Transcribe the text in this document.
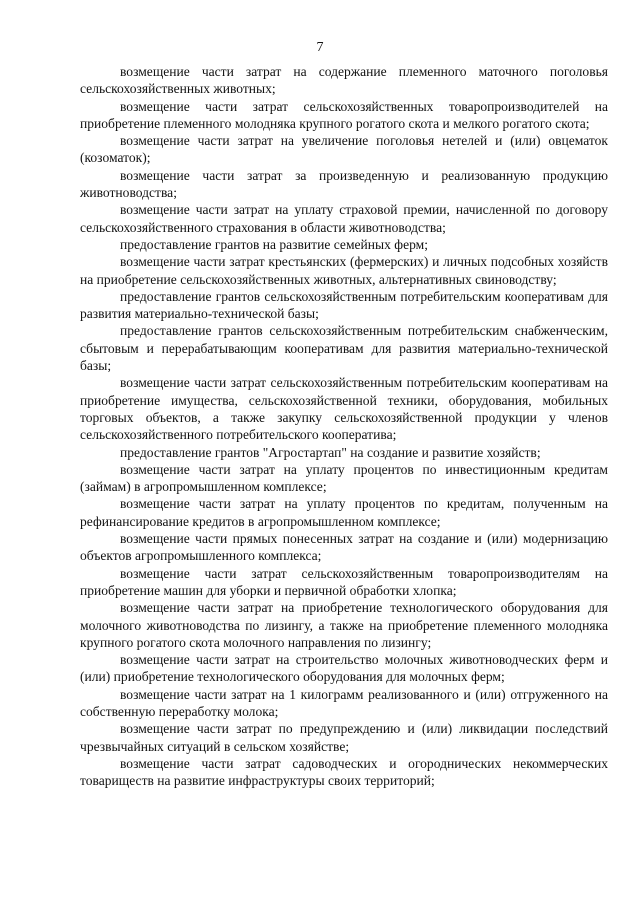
7

возмещение части затрат на содержание племенного маточного поголовья сельскохозяйственных животных;

возмещение части затрат сельскохозяйственных товаропроизводителей на приобретение племенного молодняка крупного рогатого скота и мелкого рогатого скота;

возмещение части затрат на увеличение поголовья нетелей и (или) овцематок (козоматок);

возмещение части затрат за произведенную и реализованную продукцию животноводства;

возмещение части затрат на уплату страховой премии, начисленной по договору сельскохозяйственного страхования в области животноводства;

предоставление грантов на развитие семейных ферм;

возмещение части затрат крестьянских (фермерских) и личных подсобных хозяйств на приобретение сельскохозяйственных животных, альтернативных свиноводству;

предоставление грантов сельскохозяйственным потребительским кооперативам для развития материально-технической базы;

предоставление грантов сельскохозяйственным потребительским снабженческим, сбытовым и перерабатывающим кооперативам для развития материально-технической базы;

возмещение части затрат сельскохозяйственным потребительским кооперативам на приобретение имущества, сельскохозяйственной техники, оборудования, мобильных торговых объектов, а также закупку сельскохозяйственной продукции у членов сельскохозяйственного потребительского кооператива;

предоставление грантов "Агростартап" на создание и развитие хозяйств;

возмещение части затрат на уплату процентов по инвестиционным кредитам (займам) в агропромышленном комплексе;

возмещение части затрат на уплату процентов по кредитам, полученным на рефинансирование кредитов в агропромышленном комплексе;

возмещение части прямых понесенных затрат на создание и (или) модернизацию объектов агропромышленного комплекса;

возмещение части затрат сельскохозяйственным товаропроизводителям на приобретение машин для уборки и первичной обработки хлопка;

возмещение части затрат на приобретение технологического оборудования для молочного животноводства по лизингу, а также на приобретение племенного молодняка крупного рогатого скота молочного направления по лизингу;

возмещение части затрат на строительство молочных животноводческих ферм и (или) приобретение технологического оборудования для молочных ферм;

возмещение части затрат на 1 килограмм реализованного и (или) отгруженного на собственную переработку молока;

возмещение части затрат по предупреждению и (или) ликвидации последствий чрезвычайных ситуаций в сельском хозяйстве;

возмещение части затрат садоводческих и огороднических некоммерческих товариществ на развитие инфраструктуры своих территорий;
